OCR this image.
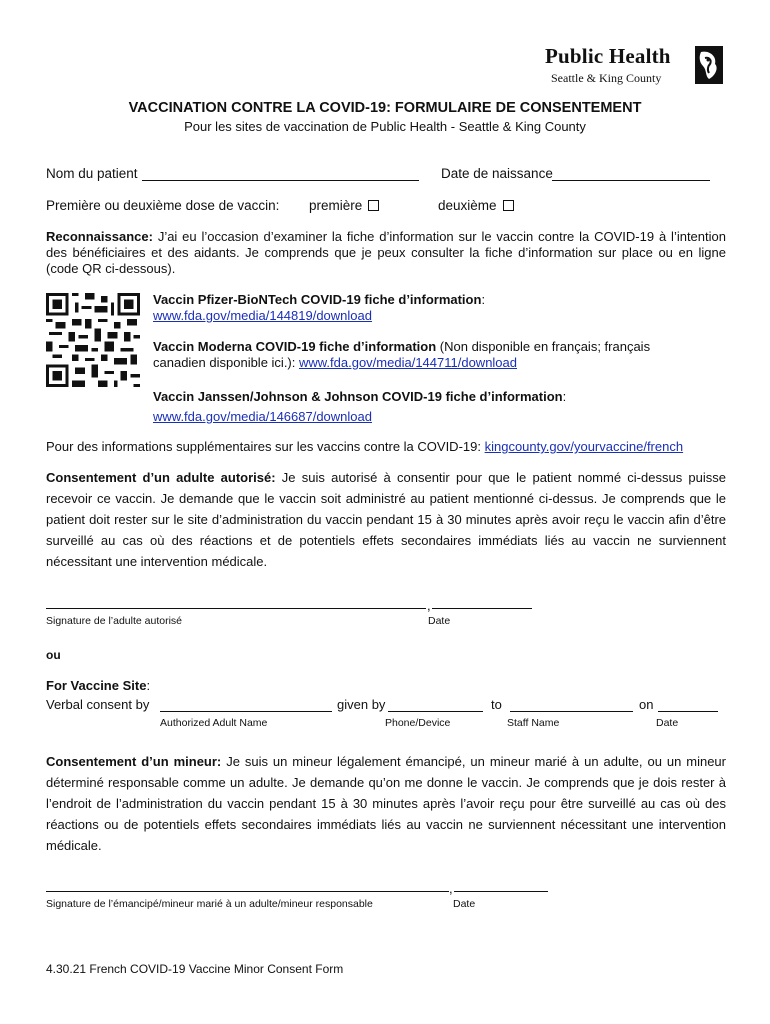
Public Health
Seattle & King County
VACCINATION CONTRE LA COVID-19: FORMULAIRE DE CONSENTEMENT
Pour les sites de vaccination de Public Health - Seattle & King County
Nom du patient	Date de naissance
Première ou deuxième dose de vaccin: première	deuxième
Reconnaissance: J’ai eu l’occasion d’examiner la fiche d’information sur le vaccin contre la COVID-19 à l’intention des bénéficiaires et des aidants. Je comprends que je peux consulter la fiche d’information sur place ou en ligne (code QR ci-dessous).
Vaccin Pfizer-BioNTech COVID-19 fiche d’information:
www.fda.gov/media/144819/download
Vaccin Moderna COVID-19 fiche d’information (Non disponible en français; français canadien disponible ici.): www.fda.gov/media/144711/download
Vaccin Janssen/Johnson & Johnson COVID-19 fiche d’information:
www.fda.gov/media/146687/download
Pour des informations supplémentaires sur les vaccins contre la COVID-19: kingcounty.gov/yourvaccine/french
Consentement d’un adulte autorisé: Je suis autorisé à consentir pour que le patient nommé ci-dessus puisse recevoir ce vaccin. Je demande que le vaccin soit administré au patient mentionné ci-dessus. Je comprends que le patient doit rester sur le site d’administration du vaccin pendant 15 à 30 minutes après avoir reçu le vaccin afin d’être surveillé au cas où des réactions et de potentiels effets secondaires immédiats liés au vaccin ne surviennent nécessitant une intervention médicale.
,
Signature de l’adulte autorisé	Date
ou
For Vaccine Site:
Verbal consent by	given by	to	on
Authorized Adult Name	Phone/Device	Staff Name	Date
Consentement d’un mineur: Je suis un mineur légalement émancipé, un mineur marié à un adulte, ou un mineur déterminé responsable comme un adulte. Je demande qu’on me donne le vaccin. Je comprends que je dois rester à l’endroit de l’administration du vaccin pendant 15 à 30 minutes après l’avoir reçu pour être surveillé au cas où des réactions ou de potentiels effets secondaires immédiats liés au vaccin ne surviennent nécessitant une intervention médicale.
,
Signature de l’émancipé/mineur marié à un adulte/mineur responsable	Date
4.30.21 French COVID-19 Vaccine Minor Consent Form
